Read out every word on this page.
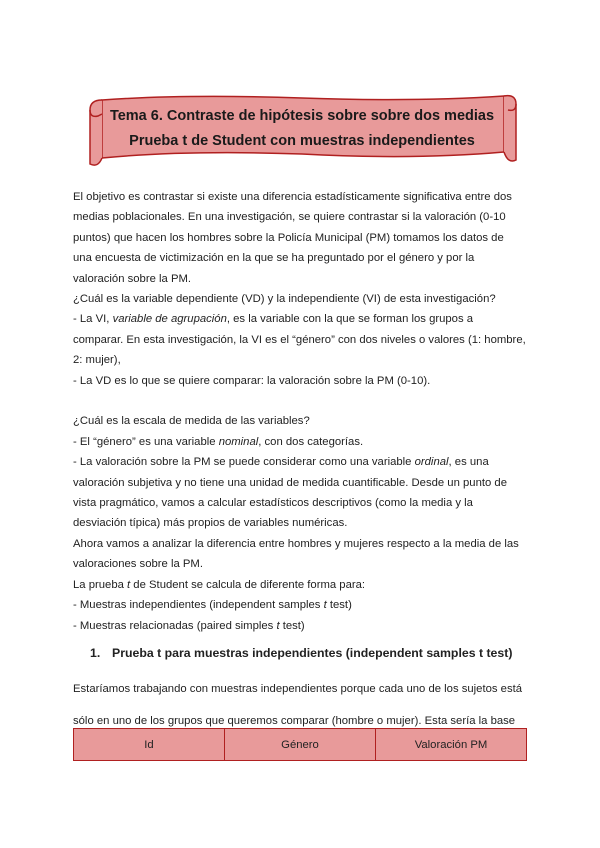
Tema 6. Contraste de hipótesis sobre sobre dos medias
Prueba t de Student con muestras independientes

El objetivo es contrastar si existe una diferencia estadísticamente significativa entre dos

medias poblacionales. En una investigación, se quiere contrastar si la valoración (0-10

puntos) que hacen los hombres sobre la Policía Municipal (PM) tomamos los datos de

una encuesta de victimización en la que se ha preguntado por el género y por la

valoración sobre la PM.

¿Cuál es la variable dependiente (VD) y la independiente (VI) de esta investigación?

- La VI, variable de agrupación, es la variable con la que se forman los grupos a

comparar. En esta investigación, la VI es el “género” con dos niveles o valores (1: hombre,

2: mujer),

- La VD es lo que se quiere comparar: la valoración sobre la PM (0-10).

¿Cuál es la escala de medida de las variables?

- El “género” es una variable nominal, con dos categorías.

- La valoración sobre la PM se puede considerar como una variable ordinal, es una

valoración subjetiva y no tiene una unidad de medida cuantificable. Desde un punto de

vista pragmático, vamos a calcular estadísticos descriptivos (como la media y la

desviación típica) más propios de variables numéricas.

Ahora vamos a analizar la diferencia entre hombres y mujeres respecto a la media de las

valoraciones sobre la PM.

La prueba t de Student se calcula de diferente forma para:

- Muestras independientes (independent samples t test)

- Muestras relacionadas (paired simples t test)

1. Prueba t para muestras independientes (independent samples t test)

Estaríamos trabajando con muestras independientes porque cada uno de los sujetos está

sólo en uno de los grupos que queremos comparar (hombre o mujer). Esta sería la base

Id	Género	Valoración PM
